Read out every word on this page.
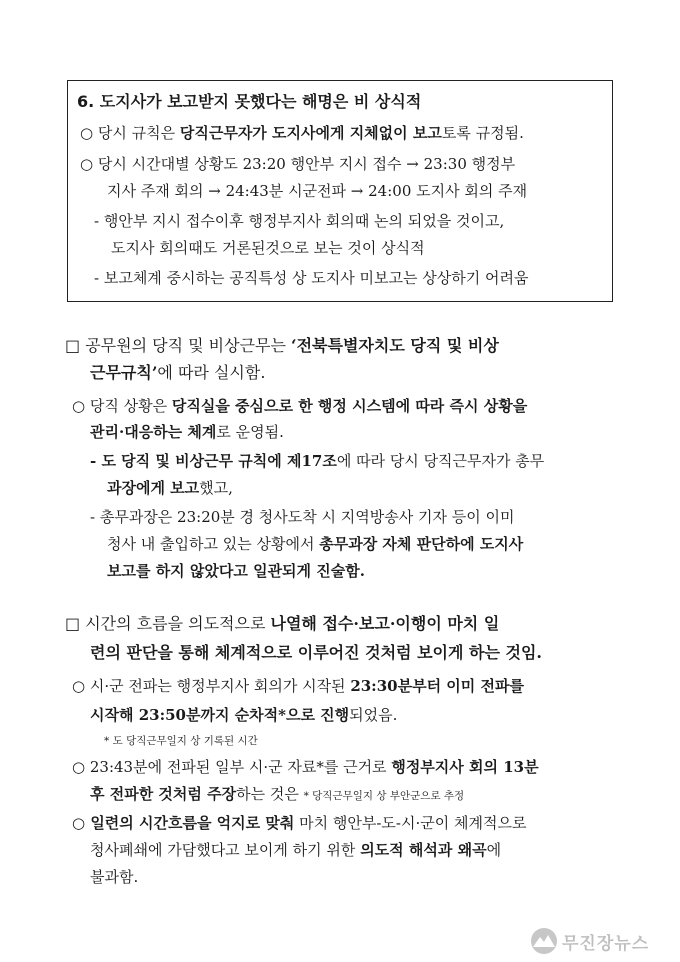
6. 도지사가 보고받지 못했다는 해명은 비 상식적
○ 당시 규칙은 당직근무자가 도지사에게 지체없이 보고토록 규정됨.
○ 당시 시간대별 상황도 23:20 행안부 지시 접수 → 23:30 행정부
지사 주재 회의 → 24:43분 시군전파 → 24:00 도지사 회의 주재
- 행안부 지시 접수이후 행정부지사 회의때 논의 되었을 것이고,
도지사 회의때도 거론된것으로 보는 것이 상식적
- 보고체계 중시하는 공직특성 상 도지사 미보고는 상상하기 어려움
□ 공무원의 당직 및 비상근무는 ‘전북특별자치도 당직 및 비상
근무규칙’에 따라 실시함.
○ 당직 상황은 당직실을 중심으로 한 행정 시스템에 따라 즉시 상황을
관리·대응하는 체계로 운영됨.
- 도 당직 및 비상근무 규칙에 제17조에 따라 당시 당직근무자가 총무
과장에게 보고했고,
- 총무과장은 23:20분 경 청사도착 시 지역방송사 기자 등이 이미
청사 내 출입하고 있는 상황에서 총무과장 자체 판단하에 도지사
보고를 하지 않았다고 일관되게 진술함.
□ 시간의 흐름을 의도적으로 나열해 접수·보고·이행이 마치 일
련의 판단을 통해 체계적으로 이루어진 것처럼 보이게 하는 것임.
○ 시·군 전파는 행정부지사 회의가 시작된 23:30분부터 이미 전파를
시작해 23:50분까지 순차적*으로 진행되었음.
* 도 당직근무일지 상 기록된 시간
○ 23:43분에 전파된 일부 시·군 자료*를 근거로 행정부지사 회의 13분
후 전파한 것처럼 주장하는 것은 * 당직근무일지 상 부안군으로 추정
○ 일련의 시간흐름을 억지로 맞춰 마치 행안부-도-시·군이 체계적으로
청사폐쇄에 가담했다고 보이게 하기 위한 의도적 해석과 왜곡에
불과함.
무진장뉴스
